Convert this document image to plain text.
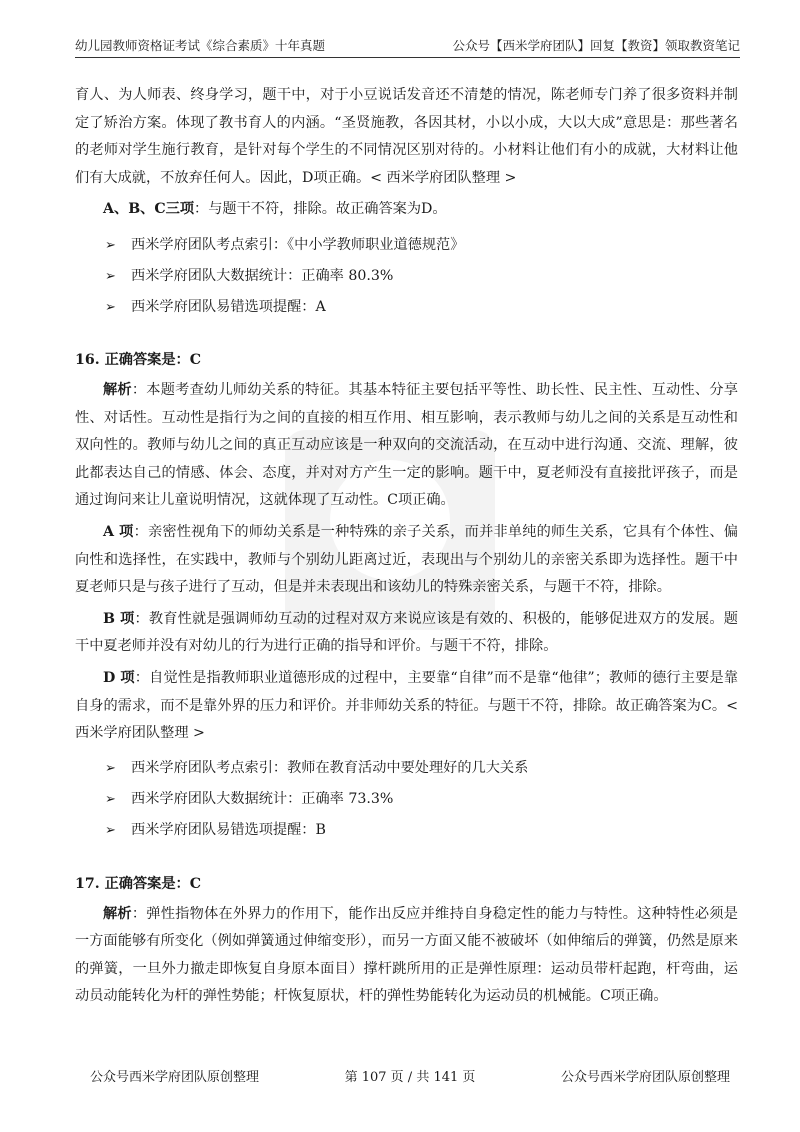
幼儿园教师资格证考试《综合素质》十年真题	公众号【西米学府团队】回复【教资】领取教资笔记

育人、为人师表、终身学习，题干中，对于小豆说话发音还不清楚的情况，陈老师专门养了很多资料并制定了矫治方案。体现了教书育人的内涵。“圣贤施教，各因其材，小以小成，大以大成”意思是：那些著名的老师对学生施行教育，是针对每个学生的不同情况区别对待的。小材料让他们有小的成就，大材料让他们有大成就，不放弃任何人。因此，D项正确。< 西米学府团队整理 >

A、B、C三项：与题干不符，排除。故正确答案为D。

➢	西米学府团队考点索引：《中小学教师职业道德规范》
➢	西米学府团队大数据统计：正确率 80.3%
➢	西米学府团队易错选项提醒：A

16. 正确答案是：C

解析：本题考查幼儿师幼关系的特征。其基本特征主要包括平等性、助长性、民主性、互动性、分享性、对话性。互动性是指行为之间的直接的相互作用、相互影响，表示教师与幼儿之间的关系是互动性和双向性的。教师与幼儿之间的真正互动应该是一种双向的交流活动，在互动中进行沟通、交流、理解，彼此都表达自己的情感、体会、态度，并对对方产生一定的影响。题干中，夏老师没有直接批评孩子，而是通过询问来让儿童说明情况，这就体现了互动性。C项正确。

A 项：亲密性视角下的师幼关系是一种特殊的亲子关系，而并非单纯的师生关系，它具有个体性、偏向性和选择性，在实践中，教师与个别幼儿距离过近，表现出与个别幼儿的亲密关系即为选择性。题干中夏老师只是与孩子进行了互动，但是并未表现出和该幼儿的特殊亲密关系，与题干不符，排除。

B 项：教育性就是强调师幼互动的过程对双方来说应该是有效的、积极的，能够促进双方的发展。题干中夏老师并没有对幼儿的行为进行正确的指导和评价。与题干不符，排除。

D 项：自觉性是指教师职业道德形成的过程中，主要靠“自律”而不是靠“他律”；教师的德行主要是靠自身的需求，而不是靠外界的压力和评价。并非师幼关系的特征。与题干不符，排除。故正确答案为C。< 西米学府团队整理 >

➢	西米学府团队考点索引：教师在教育活动中要处理好的几大关系
➢	西米学府团队大数据统计：正确率 73.3%
➢	西米学府团队易错选项提醒：B

17. 正确答案是：C

解析：弹性指物体在外界力的作用下，能作出反应并维持自身稳定性的能力与特性。这种特性必须是一方面能够有所变化（例如弹簧通过伸缩变形），而另一方面又能不被破坏（如伸缩后的弹簧，仍然是原来的弹簧，一旦外力撤走即恢复自身原本面目）撑杆跳所用的正是弹性原理：运动员带杆起跑，杆弯曲，运动员动能转化为杆的弹性势能；杆恢复原状，杆的弹性势能转化为运动员的机械能。C项正确。

公众号西米学府团队原创整理	第 107 页 / 共 141 页	公众号西米学府团队原创整理
